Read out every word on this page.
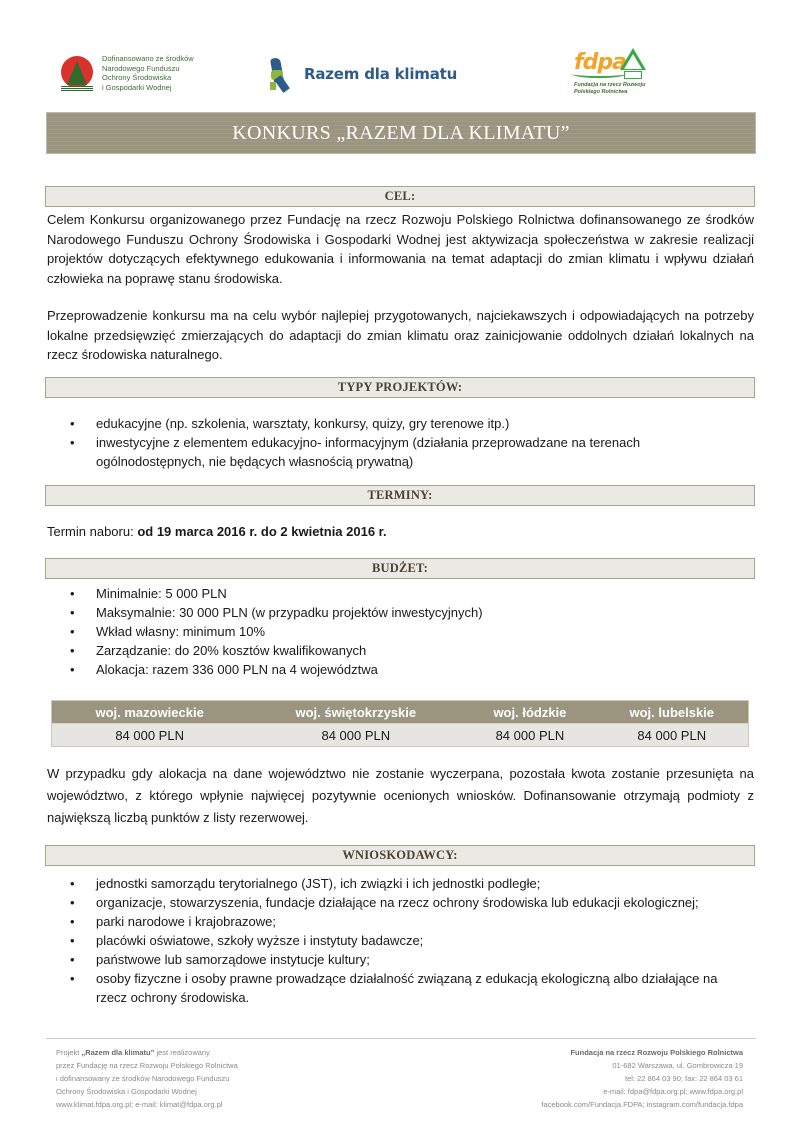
Dofinansowano ze środków
Narodowego Funduszu
Ochrony Środowiska
i Gospodarki Wodnej
Razem dla klimatu	fdpa
Fundacja na rzecz Rozwoju
Polskiego Rolnictwa
KONKURS „RAZEM DLA KLIMATU”
CEL:

Celem Konkursu organizowanego przez Fundację na rzecz Rozwoju Polskiego Rolnictwa dofinansowanego ze środków Narodowego Funduszu Ochrony Środowiska i Gospodarki Wodnej jest aktywizacja społeczeństwa w zakresie realizacji projektów dotyczących efektywnego edukowania i informowania na temat adaptacji do zmian klimatu i wpływu działań człowieka na poprawę stanu środowiska.

Przeprowadzenie konkursu ma na celu wybór najlepiej przygotowanych, najciekawszych i odpowiadających na potrzeby lokalne przedsięwzięć zmierzających do adaptacji do zmian klimatu oraz zainicjowanie oddolnych działań lokalnych na rzecz środowiska naturalnego.

TYPY PROJEKTÓW:
• edukacyjne (np. szkolenia, warsztaty, konkursy, quizy, gry terenowe itp.)
• inwestycyjne z elementem edukacyjno- informacyjnym (działania przeprowadzane na terenach ogólnodostępnych, nie będących własnością prywatną)
TERMINY:
Termin naboru: od 19 marca 2016 r. do 2 kwietnia 2016 r.
BUDŻET:
• Minimalnie: 5 000 PLN
• Maksymalnie: 30 000 PLN (w przypadku projektów inwestycyjnych)
• Wkład własny: minimum 10%
• Zarządzanie: do 20% kosztów kwalifikowanych
• Alokacja: razem 336 000 PLN na 4 województwa
woj. mazowieckie	woj. świętokrzyskie	woj. łódzkie	woj. lubelskie
84 000 PLN	84 000 PLN	84 000 PLN	84 000 PLN

W przypadku gdy alokacja na dane województwo nie zostanie wyczerpana, pozostała kwota zostanie przesunięta na województwo, z którego wpłynie najwięcej pozytywnie ocenionych wniosków. Dofinansowanie otrzymają podmioty z największą liczbą punktów z listy rezerwowej.

WNIOSKODAWCY:
• jednostki samorządu terytorialnego (JST), ich związki i ich jednostki podległe;
• organizacje, stowarzyszenia, fundacje działające na rzecz ochrony środowiska lub edukacji ekologicznej;
• parki narodowe i krajobrazowe;
• placówki oświatowe, szkoły wyższe i instytuty badawcze;
• państwowe lub samorządowe instytucje kultury;
• osoby fizyczne i osoby prawne prowadzące działalność związaną z edukacją ekologiczną albo działające na rzecz ochrony środowiska.
Projekt „Razem dla klimatu” jest realizowany
przez Fundację na rzecz Rozwoju Polskiego Rolnictwa
i dofinansowany ze środków Narodowego Funduszu
Ochrony Środowiska i Gospodarki Wodnej
www.klimat.fdpa.org.pl; e-mail: klimat@fdpa.org.pl
Fundacja na rzecz Rozwoju Polskiego Rolnictwa
01-682 Warszawa, ul. Gombrowicza 19
tel: 22 864 03 90; fax: 22 864 03 61
e-mail: fdpa@fdpa.org.pl; www.fdpa.org.pl
facebook.com/Fundacja.FDPA; instagram.com/fundacja.fdpa
